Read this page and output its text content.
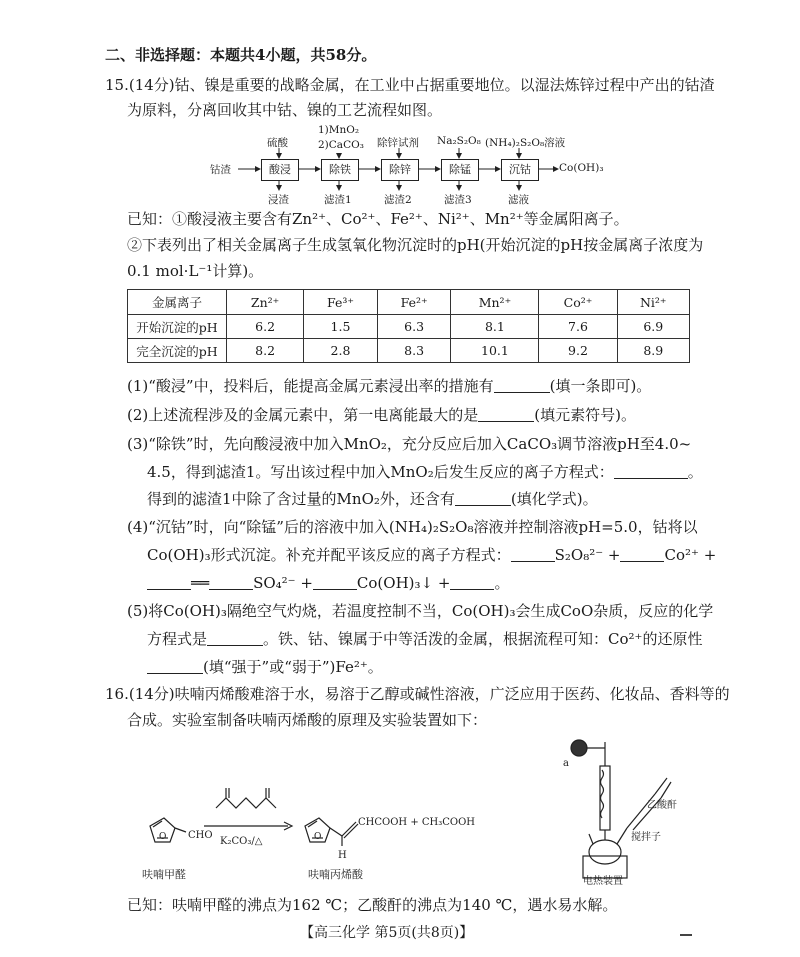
二、非选择题：本题共4小题，共58分。
15.(14分)钴、镍是重要的战略金属，在工业中占据重要地位。以湿法炼锌过程中产出的钴渣
为原料，分离回收其中钴、镍的工艺流程如图。
钴渣	酸浸	除铁	除锌	除锰	沉钴	Co(OH)₃
硫酸
1)MnO₂
2)CaCO₃ 除锌试剂 Na₂S₂O₈ (NH₄)₂S₂O₈溶液
浸渣	滤渣1	滤渣2	滤渣3	滤液
已知：①酸浸液主要含有Zn²⁺、Co²⁺、Fe²⁺、Ni²⁺、Mn²⁺等金属阳离子。
②下表列出了相关金属离子生成氢氧化物沉淀时的pH(开始沉淀的pH按金属离子浓度为
0.1 mol·L⁻¹计算)。
金属离子	Zn²⁺	Fe³⁺	Fe²⁺	Mn²⁺	Co²⁺	Ni²⁺
开始沉淀的pH	6.2	1.5	6.3	8.1	7.6	6.9
完全沉淀的pH	8.2	2.8	8.3	10.1	9.2	8.9
(1)“酸浸”中，投料后，能提高金属元素浸出率的措施有	(填一条即可)。
(2)上述流程涉及的金属元素中，第一电离能最大的是	(填元素符号)。
(3)“除铁”时，先向酸浸液中加入MnO₂，充分反应后加入CaCO₃调节溶液pH至4.0~
4.5，得到滤渣1。写出该过程中加入MnO₂后发生反应的离子方程式：	。
得到的滤渣1中除了含过量的MnO₂外，还含有	(填化学式)。
(4)“沉钴”时，向“除锰”后的溶液中加入(NH₄)₂S₂O₈溶液并控制溶液pH=5.0，钴将以
Co(OH)₃形式沉淀。补充并配平该反应的离子方程式：	S₂O₈²⁻ +	Co²⁺ +
══	SO₄²⁻ +	Co(OH)₃↓ +	。
(5)将Co(OH)₃隔绝空气灼烧，若温度控制不当，Co(OH)₃会生成CoO杂质，反应的化学
方程式是	。铁、钴、镍属于中等活泼的金属，根据流程可知：Co²⁺的还原性
(填“强于”或“弱于”)Fe²⁺。
16.(14分)呋喃丙烯酸难溶于水，易溶于乙醇或碱性溶液，广泛应用于医药、化妆品、香料等的
合成。实验室制备呋喃丙烯酸的原理及实验装置如下：
O	O
CHO
K₂CO₃/△
CHCOOH + CH₃COOH
H
呋喃甲醛	呋喃丙烯酸
a
乙酸酐
搅拌子
电热装置
已知：呋喃甲醛的沸点为162 ℃；乙酸酐的沸点为140 ℃，遇水易水解。
【高三化学 第5页(共8页)】
